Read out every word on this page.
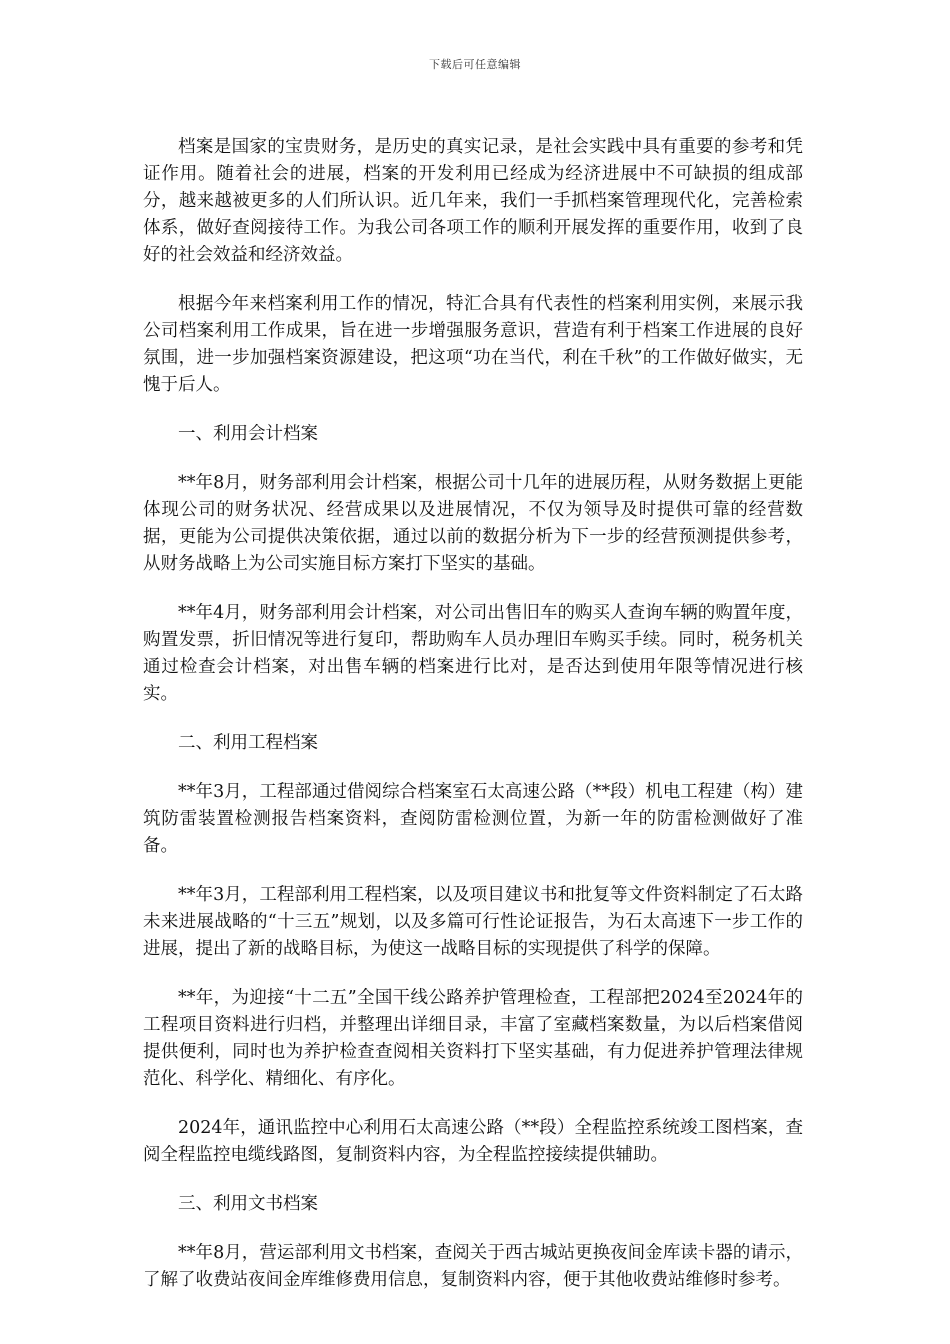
下载后可任意编辑

档案是国家的宝贵财务，是历史的真实记录，是社会实践中具有重要的参考和凭证作用。随着社会的进展，档案的开发利用已经成为经济进展中不可缺损的组成部分，越来越被更多的人们所认识。近几年来，我们一手抓档案管理现代化，完善检索体系，做好查阅接待工作。为我公司各项工作的顺利开展发挥的重要作用，收到了良好的社会效益和经济效益。

根据今年来档案利用工作的情况，特汇合具有代表性的档案利用实例，来展示我公司档案利用工作成果，旨在进一步增强服务意识，营造有利于档案工作进展的良好氛围，进一步加强档案资源建设，把这项“功在当代，利在千秋”的工作做好做实，无愧于后人。

一、利用会计档案

**年8月，财务部利用会计档案，根据公司十几年的进展历程，从财务数据上更能体现公司的财务状况、经营成果以及进展情况，不仅为领导及时提供可靠的经营数据，更能为公司提供决策依据，通过以前的数据分析为下一步的经营预测提供参考，从财务战略上为公司实施目标方案打下坚实的基础。

**年4月，财务部利用会计档案，对公司出售旧车的购买人查询车辆的购置年度，购置发票，折旧情况等进行复印，帮助购车人员办理旧车购买手续。同时，税务机关通过检查会计档案，对出售车辆的档案进行比对，是否达到使用年限等情况进行核实。

二、利用工程档案

**年3月，工程部通过借阅综合档案室石太高速公路（**段）机电工程建（构）建筑防雷装置检测报告档案资料，查阅防雷检测位置，为新一年的防雷检测做好了准备。

**年3月，工程部利用工程档案，以及项目建议书和批复等文件资料制定了石太路未来进展战略的“十三五”规划，以及多篇可行性论证报告，为石太高速下一步工作的进展，提出了新的战略目标，为使这一战略目标的实现提供了科学的保障。

**年，为迎接“十二五”全国干线公路养护管理检查，工程部把2024至2024年的工程项目资料进行归档，并整理出详细目录，丰富了室藏档案数量，为以后档案借阅提供便利，同时也为养护检查查阅相关资料打下坚实基础，有力促进养护管理法律规范化、科学化、精细化、有序化。

2024年，通讯监控中心利用石太高速公路（**段）全程监控系统竣工图档案，查阅全程监控电缆线路图，复制资料内容，为全程监控接续提供辅助。

三、利用文书档案

**年8月，营运部利用文书档案，查阅关于西古城站更换夜间金库读卡器的请示，了解了收费站夜间金库维修费用信息，复制资料内容，便于其他收费站维修时参考。
